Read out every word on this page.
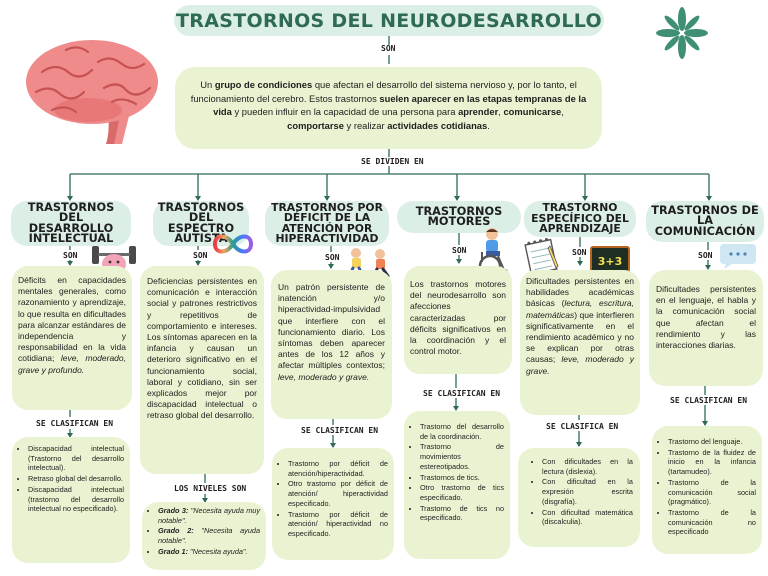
TRASTORNOS DEL NEURODESARROLLO
SON
Un grupo de condiciones que afectan el desarrollo del sistema nervioso y, por lo tanto, el funcionamiento del cerebro. Estos trastornos suelen aparecer en las etapas tempranas de la vida y pueden influir en la capacidad de una persona para aprender, comunicarse, comportarse y realizar actividades cotidianas.
SE DIVIDEN EN
TRASTORNOS DEL DESARROLLO INTELECTUAL
SON
Déficits en capacidades mentales generales, como razonamiento y aprendizaje, lo que resulta en dificultades para alcanzar estándares de independencia y responsabilidad en la vida cotidiana; leve, moderado, grave y profundo.
SE CLASIFICAN EN
• Discapacidad intelectual (Trastorno del desarrollo intelectual).
• Retraso global del desarrollo.
• Discapacidad intelectual (trastorno del desarrollo intelectual no especificado).
TRASTORNOS DEL ESPECTRO AUTISTA
SON
Deficiencias persistentes en comunicación e interacción social y patrones restrictivos y repetitivos de comportamiento e intereses. Los síntomas aparecen en la infancia y causan un deterioro significativo en el funcionamiento social, laboral y cotidiano, sin ser explicados mejor por discapacidad intelectual o retraso global del desarrollo.
LOS NIVELES SON
• Grado 3: "Necesita ayuda muy notable".
• Grado 2: "Necesita ayuda notable".
• Grado 1: "Necesita ayuda".
TRASTORNOS POR DÉFICIT DE LA ATENCIÓN POR HIPERACTIVIDAD
SON
Un patrón persistente de inatención y/o hiperactividad-impulsividad que interfiere con el funcionamiento diario. Los síntomas deben aparecer antes de los 12 años y afectar múltiples contextos; leve, moderado y grave.
SE CLASIFICAN EN
• Trastorno por déficit de atención/hiperactividad.
• Otro trastorno por déficit de atención/ hiperactividad especificado.
• Trastorno por déficit de atención/ hiperactividad no especificado.
TRASTORNOS MOTORES
SON
Los trastornos motores del neurodesarrollo son afecciones caracterizadas por déficits significativos en la coordinación y el control motor.
SE CLASIFICAN EN
• Trastorno del desarrollo de la coordinación.
• Trastorno de movimientos estereotipados.
• Trastornos de tics.
• Otro trastorno de tics especificado.
• Trastorno de tics no especificado.
TRASTORNO ESPECÍFICO DEL APRENDIZAJE
SON
3+3
Dificultades persistentes en habilidades académicas básicas (lectura, escritura, matemáticas) que interfieren significativamente en el rendimiento académico y no se explican por otras causas; leve, moderado y grave.
SE CLASIFICA EN
• Con dificultades en la lectura (dislexia).
• Con dificultad en la expresión escrita (disgrafía).
• Con dificultad matemática (discalculia).
TRASTORNOS DE LA COMUNICACIÓN
SON
Dificultades persistentes en el lenguaje, el habla y la comunicación social que afectan el rendimiento y las interacciones diarias.
SE CLASIFICAN EN
• Trastorno del lenguaje.
• Trastorno de la fluidez de inicio en la infancia (tartamudeo).
• Trastorno de la comunicación social (pragmático).
• Trastorno de la comunicación no especificado
